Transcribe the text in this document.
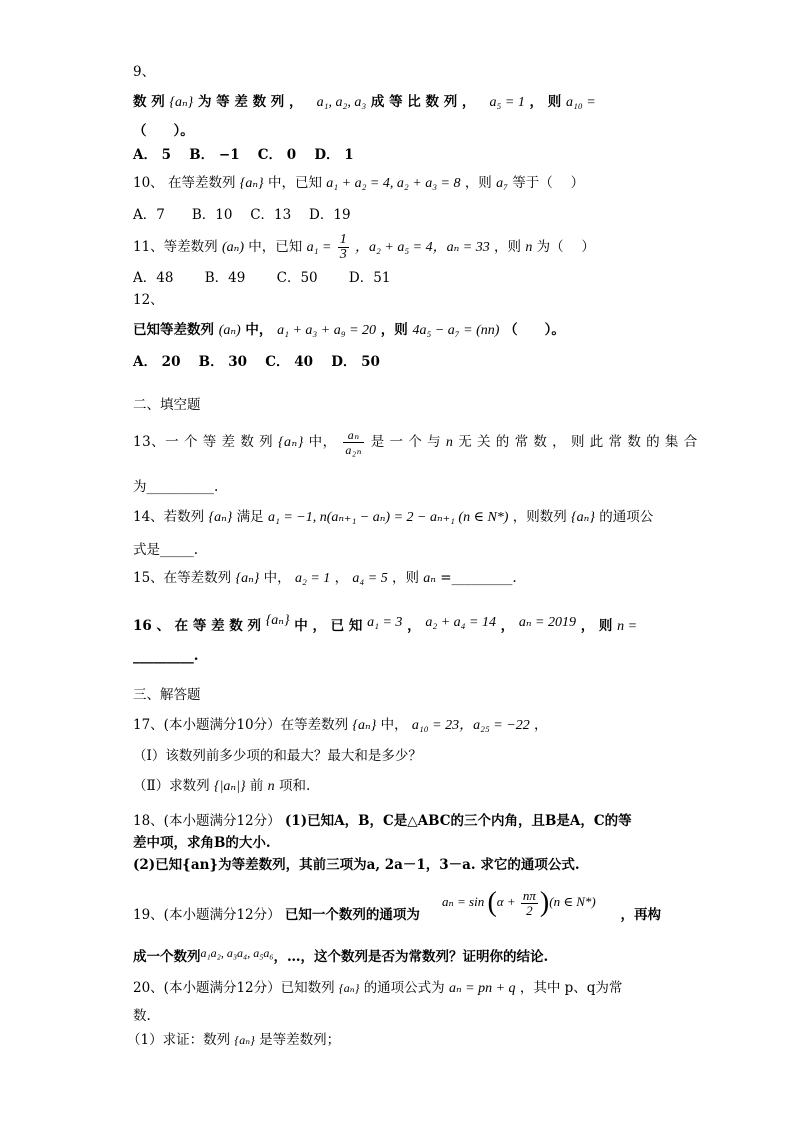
9、
数 列 {aₙ} 为 等 差 数 列 ， a₁, a₂, a₃ 成 等 比 数 列 ， a₅ = 1 ， 则 a₁₀ =
（　　）。
A． 5　 B． −1　 C． 0　 D． 1
10、 在等差数列 {aₙ} 中，已知 a₁ + a₂ = 4, a₂ + a₃ = 8 ，则 a₇ 等于（　 ）
A．7　　B．10　 C．13　 D．19
11、等差数列 (aₙ) 中，已知 $a_1 = \frac{1}{3}$ ，a₂ + a₅ = 4，aₙ = 33 ，则 n 为（　 ）
A．48　　 B．49　　 C．50　　 D．51
12、
已知等差数列 (aₙ) 中， a₁ + a₃ + a₉ = 20 ，则 4a₅ − a₇ = (nn) （　　）。
A． 20　 B． 30　 C． 40　 D． 50
二、填空题
13、一 个 等 差 数 列 {aₙ} 中， $\frac{\text{aₙ}}{\text{a₂ₙ}}$ 是 一 个 与 n 无 关 的 常 数 ， 则 此 常 数 的 集 合
为__________.
14、若数列 {aₙ} 满足 a₁ = −1, n(aₙ₊₁ − aₙ) = 2 − aₙ₊₁ (n ∈ N*) ，则数列 {aₙ} 的通项公
式是_____.
15、在等差数列 {aₙ} 中， a₂ = 1 ， a₄ = 5 ，则 aₙ =_________.
16 、 在 等 差 数 列 {aₙ} 中 ， 已 知 a₁ = 3 ， a₂ + a₄ = 14 ， aₙ = 2019 ， 则 n =
_________.
三、解答题
17、(本小题满分10分）在等差数列 {aₙ} 中， a₁₀ = 23，a₂₅ = −22 ，
（Ⅰ）该数列前多少项的和最大？最大和是多少？
（Ⅱ）求数列 {|aₙ|} 前 n 项和.
18、(本小题满分12分） (1)已知A，B，C是△ABC的三个内角，且B是A，C的等
差中项，求角B的大小.
(2)已知{an}为等差数列，其前三项为a, 2a－1，3－a. 求它的通项公式.
$a_n = \sin (\alpha + \frac{n\pi}{2} )(n$ ∈ N*)
19、(本小题满分12分） 已知一个数列的通项为	，再构
成一个数列a₁a₂, a₃a₄, a₅a₆，…，这个数列是否为常数列？证明你的结论.
20、(本小题满分12分）已知数列 {aₙ} 的通项公式为 aₙ = pn + q ，其中 p、q为常
数.
（1）求证：数列 {aₙ} 是等差数列；
